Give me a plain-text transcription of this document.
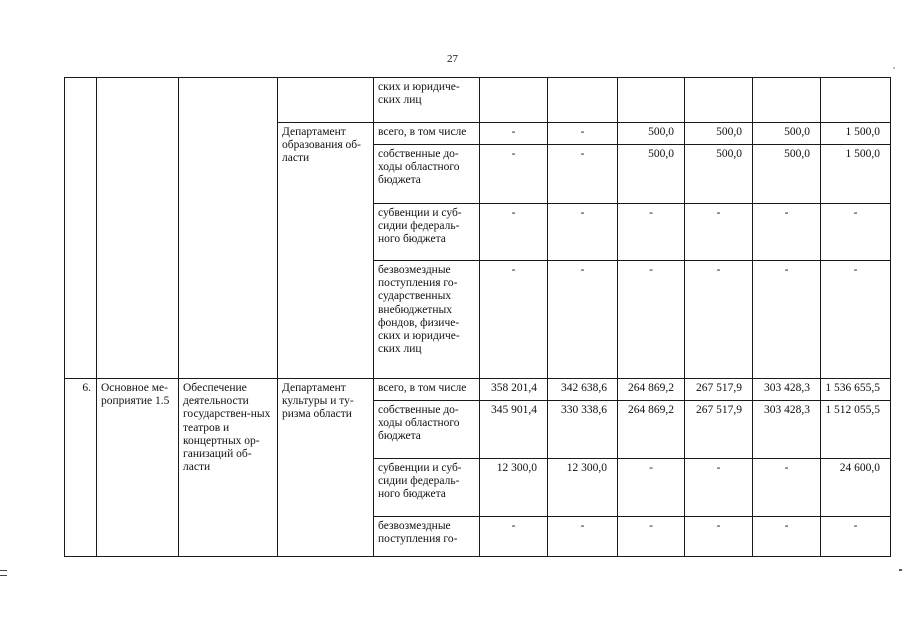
27
				ских и юридиче-ских лиц						
			Департамент образования об-ласти	всего, в том числе	-	-	500,0	500,0	500,0	1 500,0
				собственные до-ходы областного бюджета	-	-	500,0	500,0	500,0	1 500,0
				субвенции и суб-сидии федераль-ного бюджета	-	-	-	-	-	-
				безвозмездные поступления го-сударственных внебюджетных фондов, физиче-ских и юридиче-ских лиц	-	-	-	-	-	-
6.	Основное ме-роприятие 1.5	Обеспечение деятельности государствен-ных театров и концертных ор-ганизаций об-ласти	Департамент культуры и ту-ризма области	всего, в том числе	358 201,4	342 638,6	264 869,2	267 517,9	303 428,3	1 536 655,5
				собственные до-ходы областного бюджета	345 901,4	330 338,6	264 869,2	267 517,9	303 428,3	1 512 055,5
				субвенции и суб-сидии федераль-ного бюджета	12 300,0	12 300,0	-	-	-	24 600,0
				безвозмездные поступления го-	-	-	-	-	-	-
